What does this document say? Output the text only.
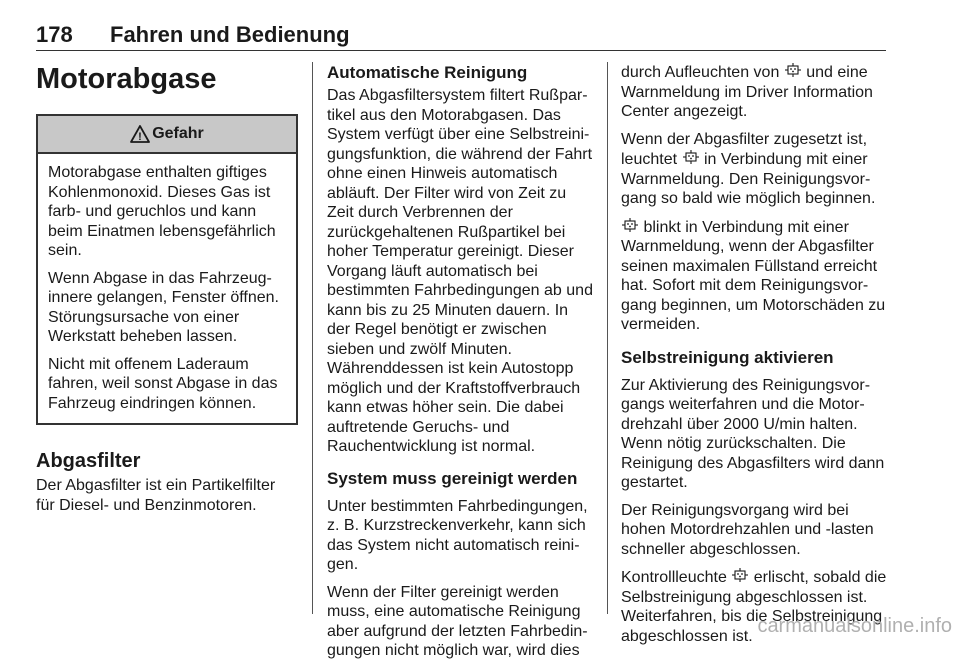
178 Fahren und Bedienung
Motorabgase
! Gefahr

Motorabgase enthalten giftiges Kohlenmonoxid. Dieses Gas ist farb- und geruchlos und kann beim Einatmen lebensgefährlich sein.

Wenn Abgase in das Fahrzeuginnere gelangen, Fenster öffnen. Störungsursache von einer Werkstatt beheben lassen.

Nicht mit offenem Laderaum fahren, weil sonst Abgase in das Fahrzeug eindringen können.

Abgasfilter

Der Abgasfilter ist ein Partikelfilter für Diesel- und Benzinmotoren.

Automatische Reinigung

Das Abgasfiltersystem filtert Rußpartikel aus den Motorabgasen. Das System verfügt über eine Selbstreinigungsfunktion, die während der Fahrt ohne einen Hinweis automatisch abläuft. Der Filter wird von Zeit zu Zeit durch Verbrennen der zurückgehaltenen Rußpartikel bei hoher Temperatur gereinigt. Dieser Vorgang läuft automatisch bei bestimmten Fahrbedingungen ab und kann bis zu 25 Minuten dauern. In der Regel benötigt er zwischen sieben und zwölf Minuten. Währenddessen ist kein Autostopp möglich und der Kraftstoffverbrauch kann etwas höher sein. Die dabei auftretende Geruchs- und Rauchentwicklung ist normal.

System muss gereinigt werden

Unter bestimmten Fahrbedingungen, z. B. Kurzstreckenverkehr, kann sich das System nicht automatisch reinigen.

Wenn der Filter gereinigt werden muss, eine automatische Reinigung aber aufgrund der letzten Fahrbedingungen nicht möglich war, wird dies

durch Aufleuchten von und eine Warnmeldung im Driver Information Center angezeigt.

Wenn der Abgasfilter zugesetzt ist, leuchtet in Verbindung mit einer Warnmeldung. Den Reinigungsvorgang so bald wie möglich beginnen.

blinkt in Verbindung mit einer Warnmeldung, wenn der Abgasfilter seinen maximalen Füllstand erreicht hat. Sofort mit dem Reinigungsvorgang beginnen, um Motorschäden zu vermeiden.

Selbstreinigung aktivieren

Zur Aktivierung des Reinigungsvorgangs weiterfahren und die Motordrehzahl über 2000 U/min halten. Wenn nötig zurückschalten. Die Reinigung des Abgasfilters wird dann gestartet.

Der Reinigungsvorgang wird bei hohen Motordrehzahlen und -lasten schneller abgeschlossen.

Kontrollleuchte erlischt, sobald die Selbstreinigung abgeschlossen ist. Weiterfahren, bis die Selbstreinigung abgeschlossen ist. carmanualsonline.info
